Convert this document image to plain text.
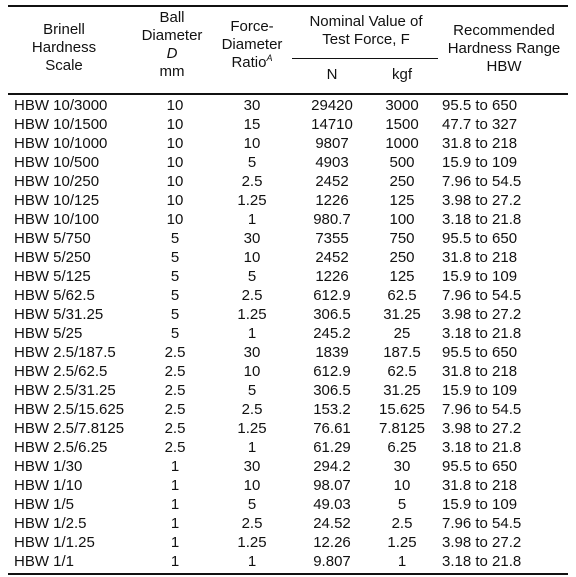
Brinell
Hardness
Scale
Ball
Diameter
D
mm
Force-
Diameter
Ratio$^A$
Nominal Value of
Test Force, F
N	kgf
Recommended
Hardness Range
HBW
HBW 10/3000	10	30	29420	3000	95.5 to 650
HBW 10/1500	10	15	14710	1500	47.7 to 327
HBW 10/1000	10	10	9807	1000	31.8 to 218
HBW 10/500	10	5	4903	500	15.9 to 109
HBW 10/250	10	2.5	2452	250	7.96 to 54.5
HBW 10/125	10	1.25	1226	125	3.98 to 27.2
HBW 10/100	10	1	980.7	100	3.18 to 21.8
HBW 5/750	5	30	7355	750	95.5 to 650
HBW 5/250	5	10	2452	250	31.8 to 218
HBW 5/125	5	5	1226	125	15.9 to 109
HBW 5/62.5	5	2.5	612.9	62.5	7.96 to 54.5
HBW 5/31.25	5	1.25	306.5	31.25	3.98 to 27.2
HBW 5/25	5	1	245.2	25	3.18 to 21.8
HBW 2.5/187.5	2.5	30	1839	187.5	95.5 to 650
HBW 2.5/62.5	2.5	10	612.9	62.5	31.8 to 218
HBW 2.5/31.25	2.5	5	306.5	31.25	15.9 to 109
HBW 2.5/15.625	2.5	2.5	153.2	15.625	7.96 to 54.5
HBW 2.5/7.8125	2.5	1.25	76.61	7.8125	3.98 to 27.2
HBW 2.5/6.25	2.5	1	61.29	6.25	3.18 to 21.8
HBW 1/30	1	30	294.2	30	95.5 to 650
HBW 1/10	1	10	98.07	10	31.8 to 218
HBW 1/5	1	5	49.03	5	15.9 to 109
HBW 1/2.5	1	2.5	24.52	2.5	7.96 to 54.5
HBW 1/1.25	1	1.25	12.26	1.25	3.98 to 27.2
HBW 1/1	1	1	9.807	1	3.18 to 21.8
